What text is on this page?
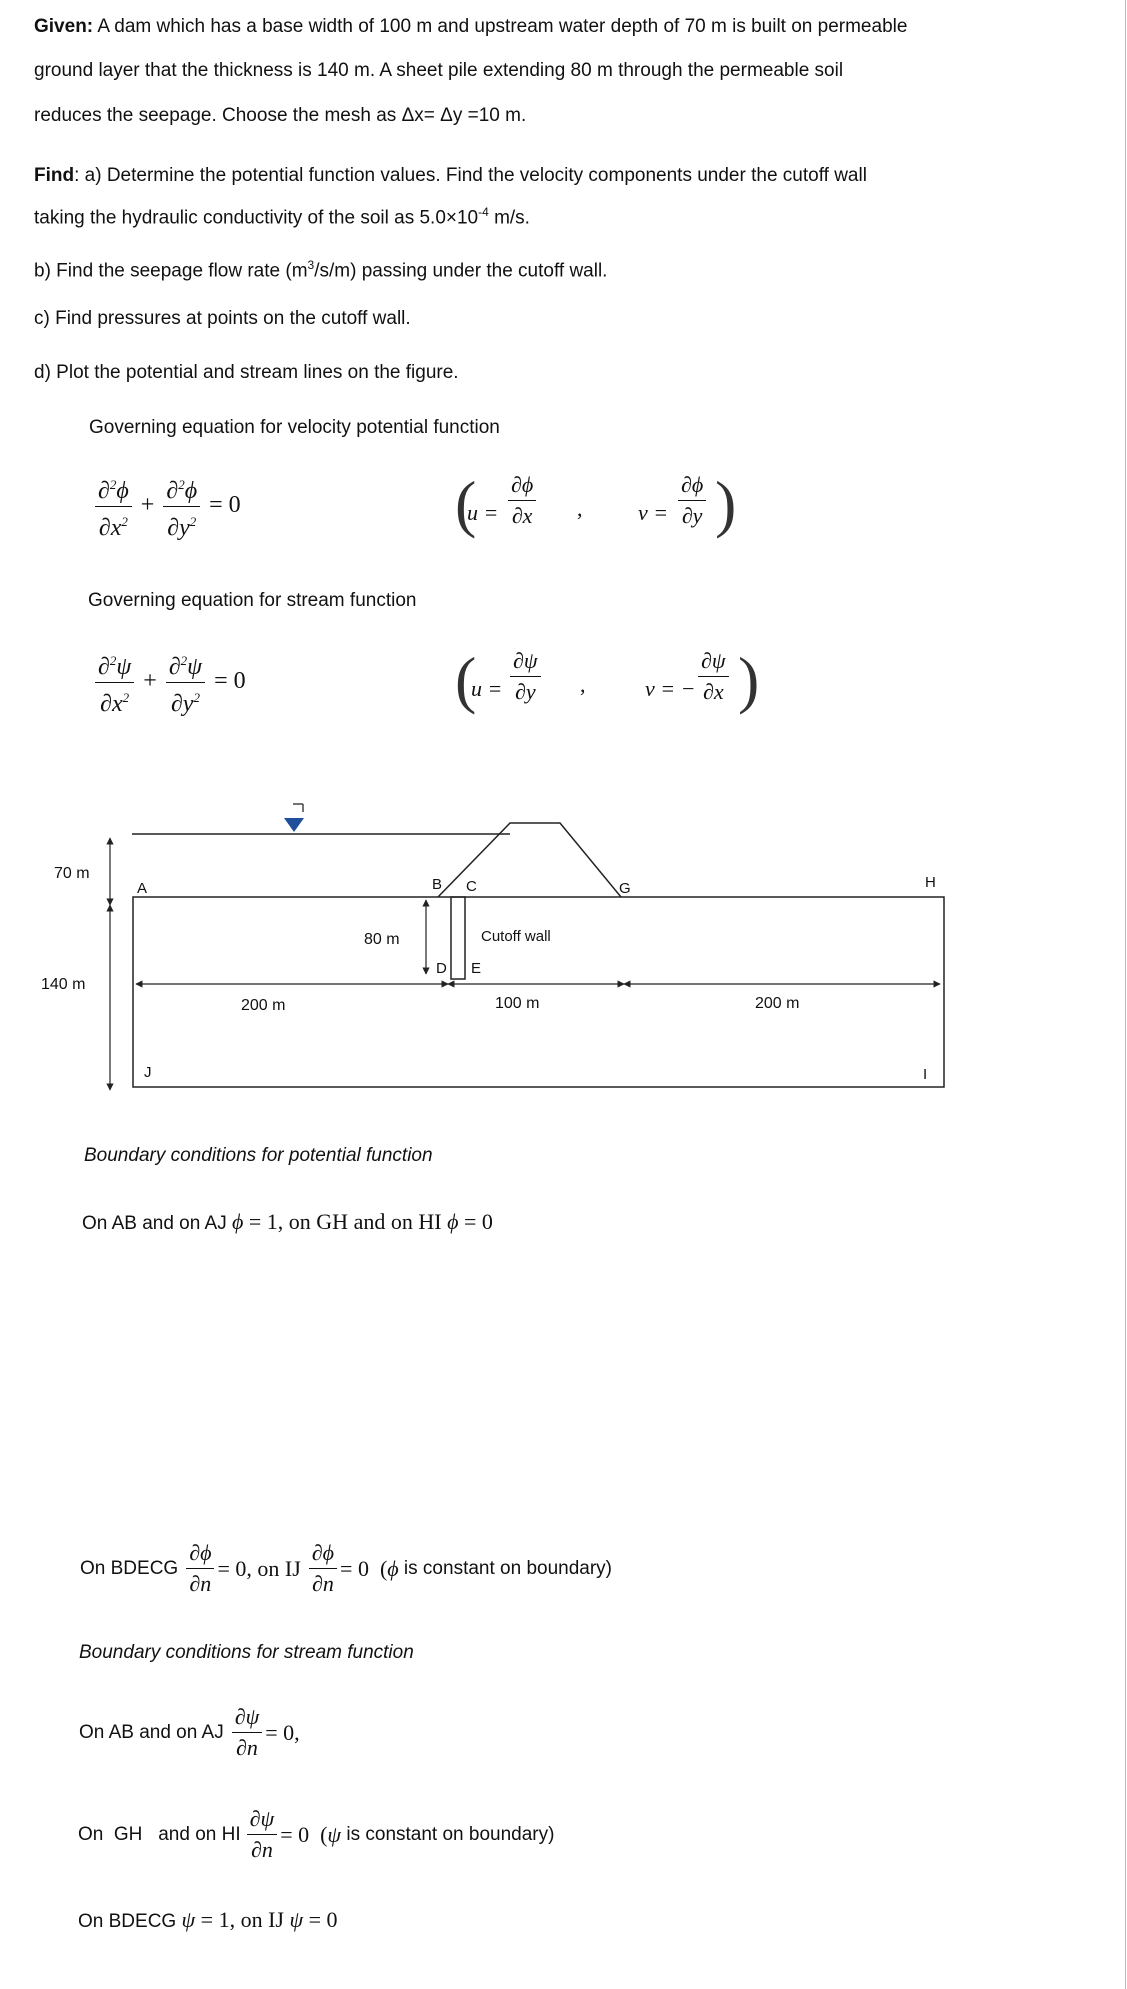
Given: A dam which has a base width of 100 m and upstream water depth of 70 m is built on permeable
ground layer that the thickness is 140 m. A sheet pile extending 80 m through the permeable soil
reduces the seepage. Choose the mesh as Δx= Δy =10 m.
Find: a) Determine the potential function values. Find the velocity components under the cutoff wall
taking the hydraulic conductivity of the soil as $5.0\times 10^{-4}$ m/s.
b) Find the seepage flow rate $(m^3/s/m)$ passing under the cutoff wall.
c) Find pressures at points on the cutoff wall.
d) Plot the potential and stream lines on the figure.
Governing equation for velocity potential function
$\frac{\partial^2\phi}{\partial x^2} + \frac{\partial^2\phi}{\partial y^2} = 0$	(
$u = \frac{\partial\phi}{\partial x}$ ,	$v = \frac{\partial\phi}{\partial y}$ )
Governing equation for stream function
$\frac{\partial^2\psi}{\partial x^2} + \frac{\partial^2\psi}{\partial y^2} = 0$	(
$u = \frac{\partial\psi}{\partial y}$ ,	v = − $\frac{\partial\psi}{\partial x}$ )
70 m
140 m
80 m
200 m	100 m	200 m
Cutoff wall
A	B C
D E
G	H
I
J
Boundary conditions for potential function
On AB and on AJ ϕ = 1, on GH and on HI ϕ = 0
On BDECG $\frac{\partial\phi}{\partial n} = 0$, on IJ $\frac{\partial\phi}{\partial n} = 0$  ( ϕ is constant on boundary)
Boundary conditions for stream function
On AB and on AJ $\frac{\partial\psi}{\partial n} = 0$,
On  GH   and on HI $\frac{\partial\psi}{\partial n} = 0$  ( ψ is constant on boundary)
On BDECG ψ = 1, on IJ ψ = 0
